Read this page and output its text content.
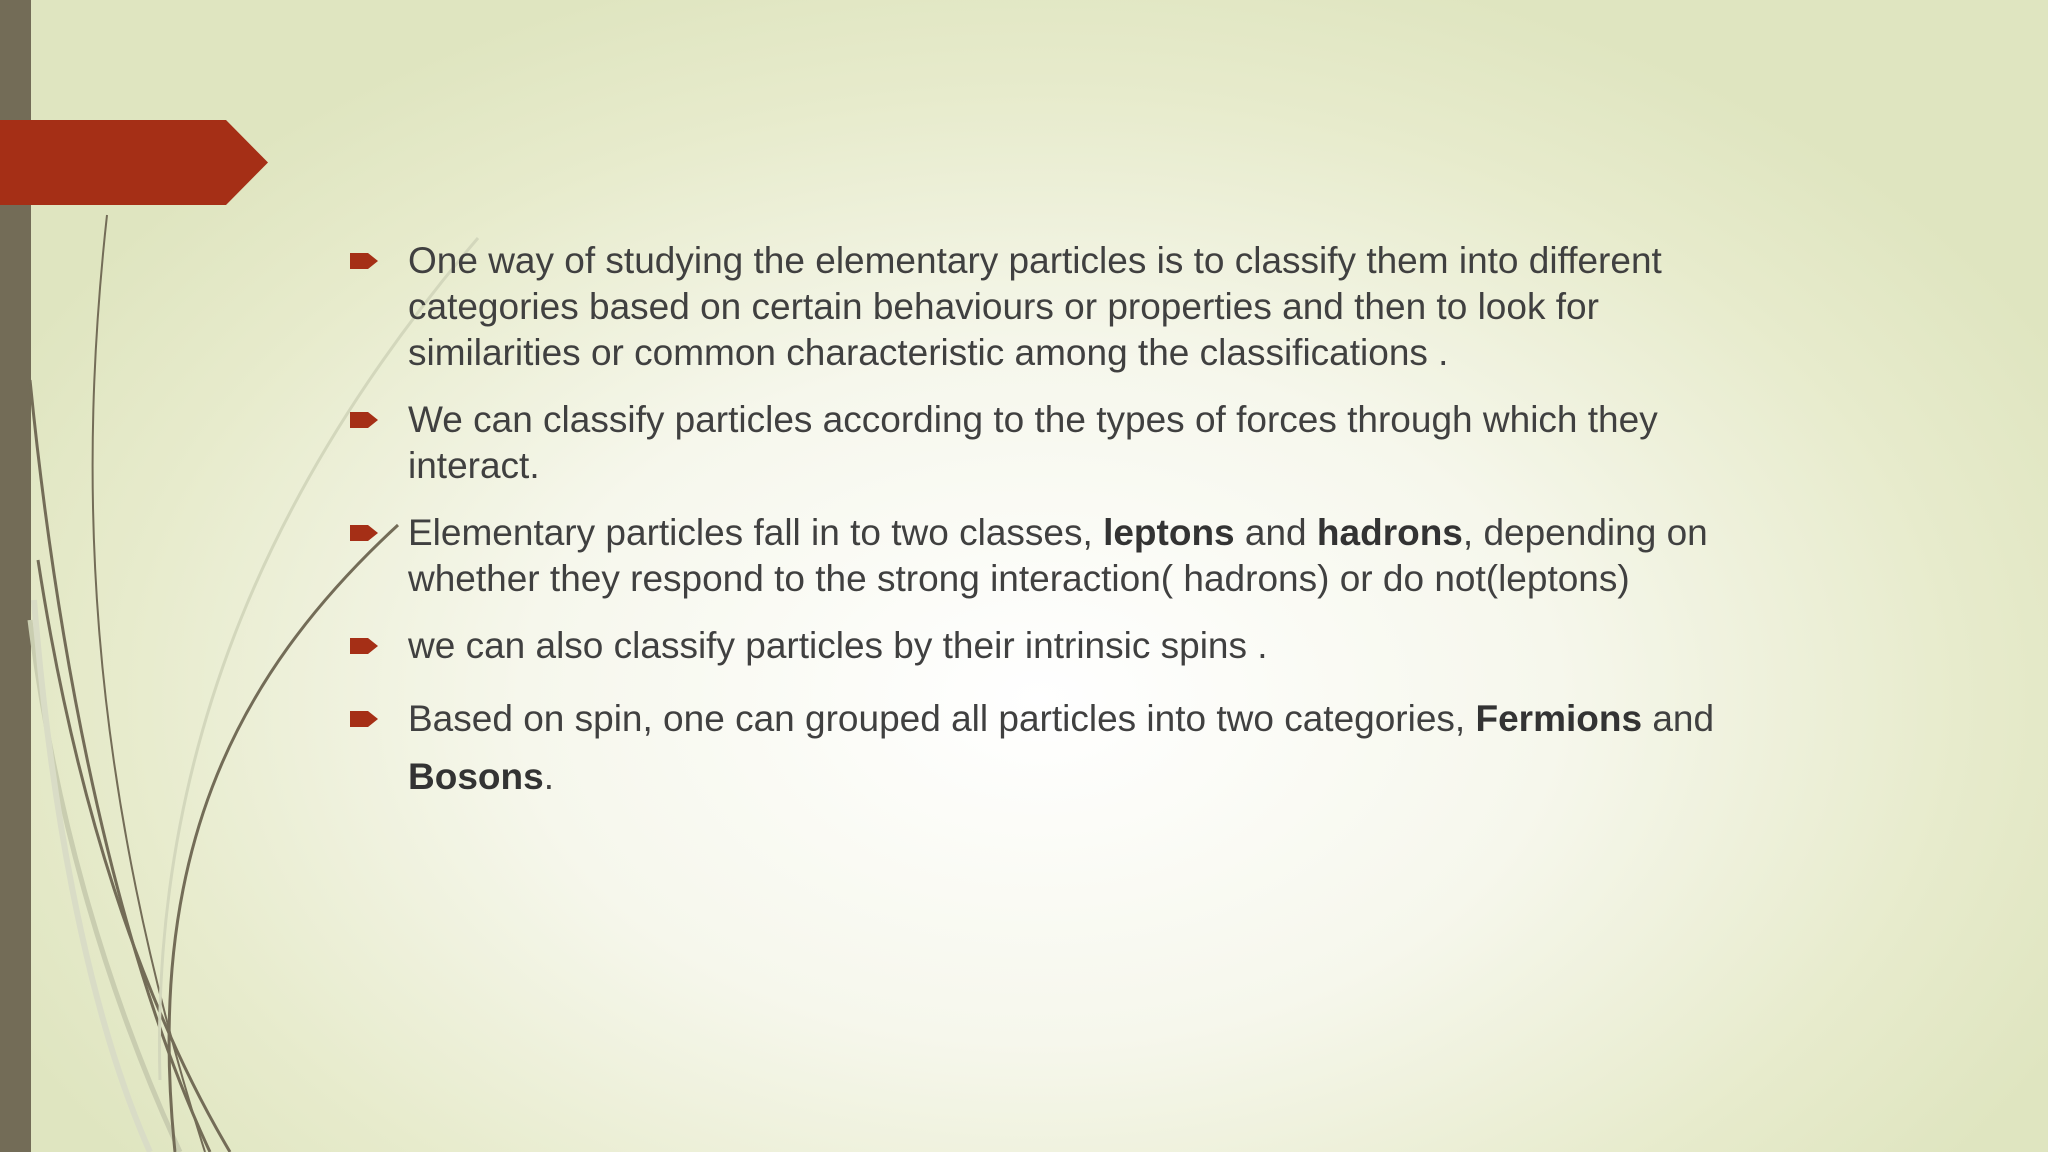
One way of studying the elementary particles is to classify them into different categories based on certain behaviours or properties and then to look for similarities or common characteristic among the classifications .
We can classify particles according to the types of forces through which they interact.
Elementary particles fall in to two classes, leptons and hadrons, depending on whether they respond to the strong interaction( hadrons) or do not(leptons)
we can also classify particles by their intrinsic spins .
Based on spin, one can grouped all particles into two categories, Fermions and Bosons.
